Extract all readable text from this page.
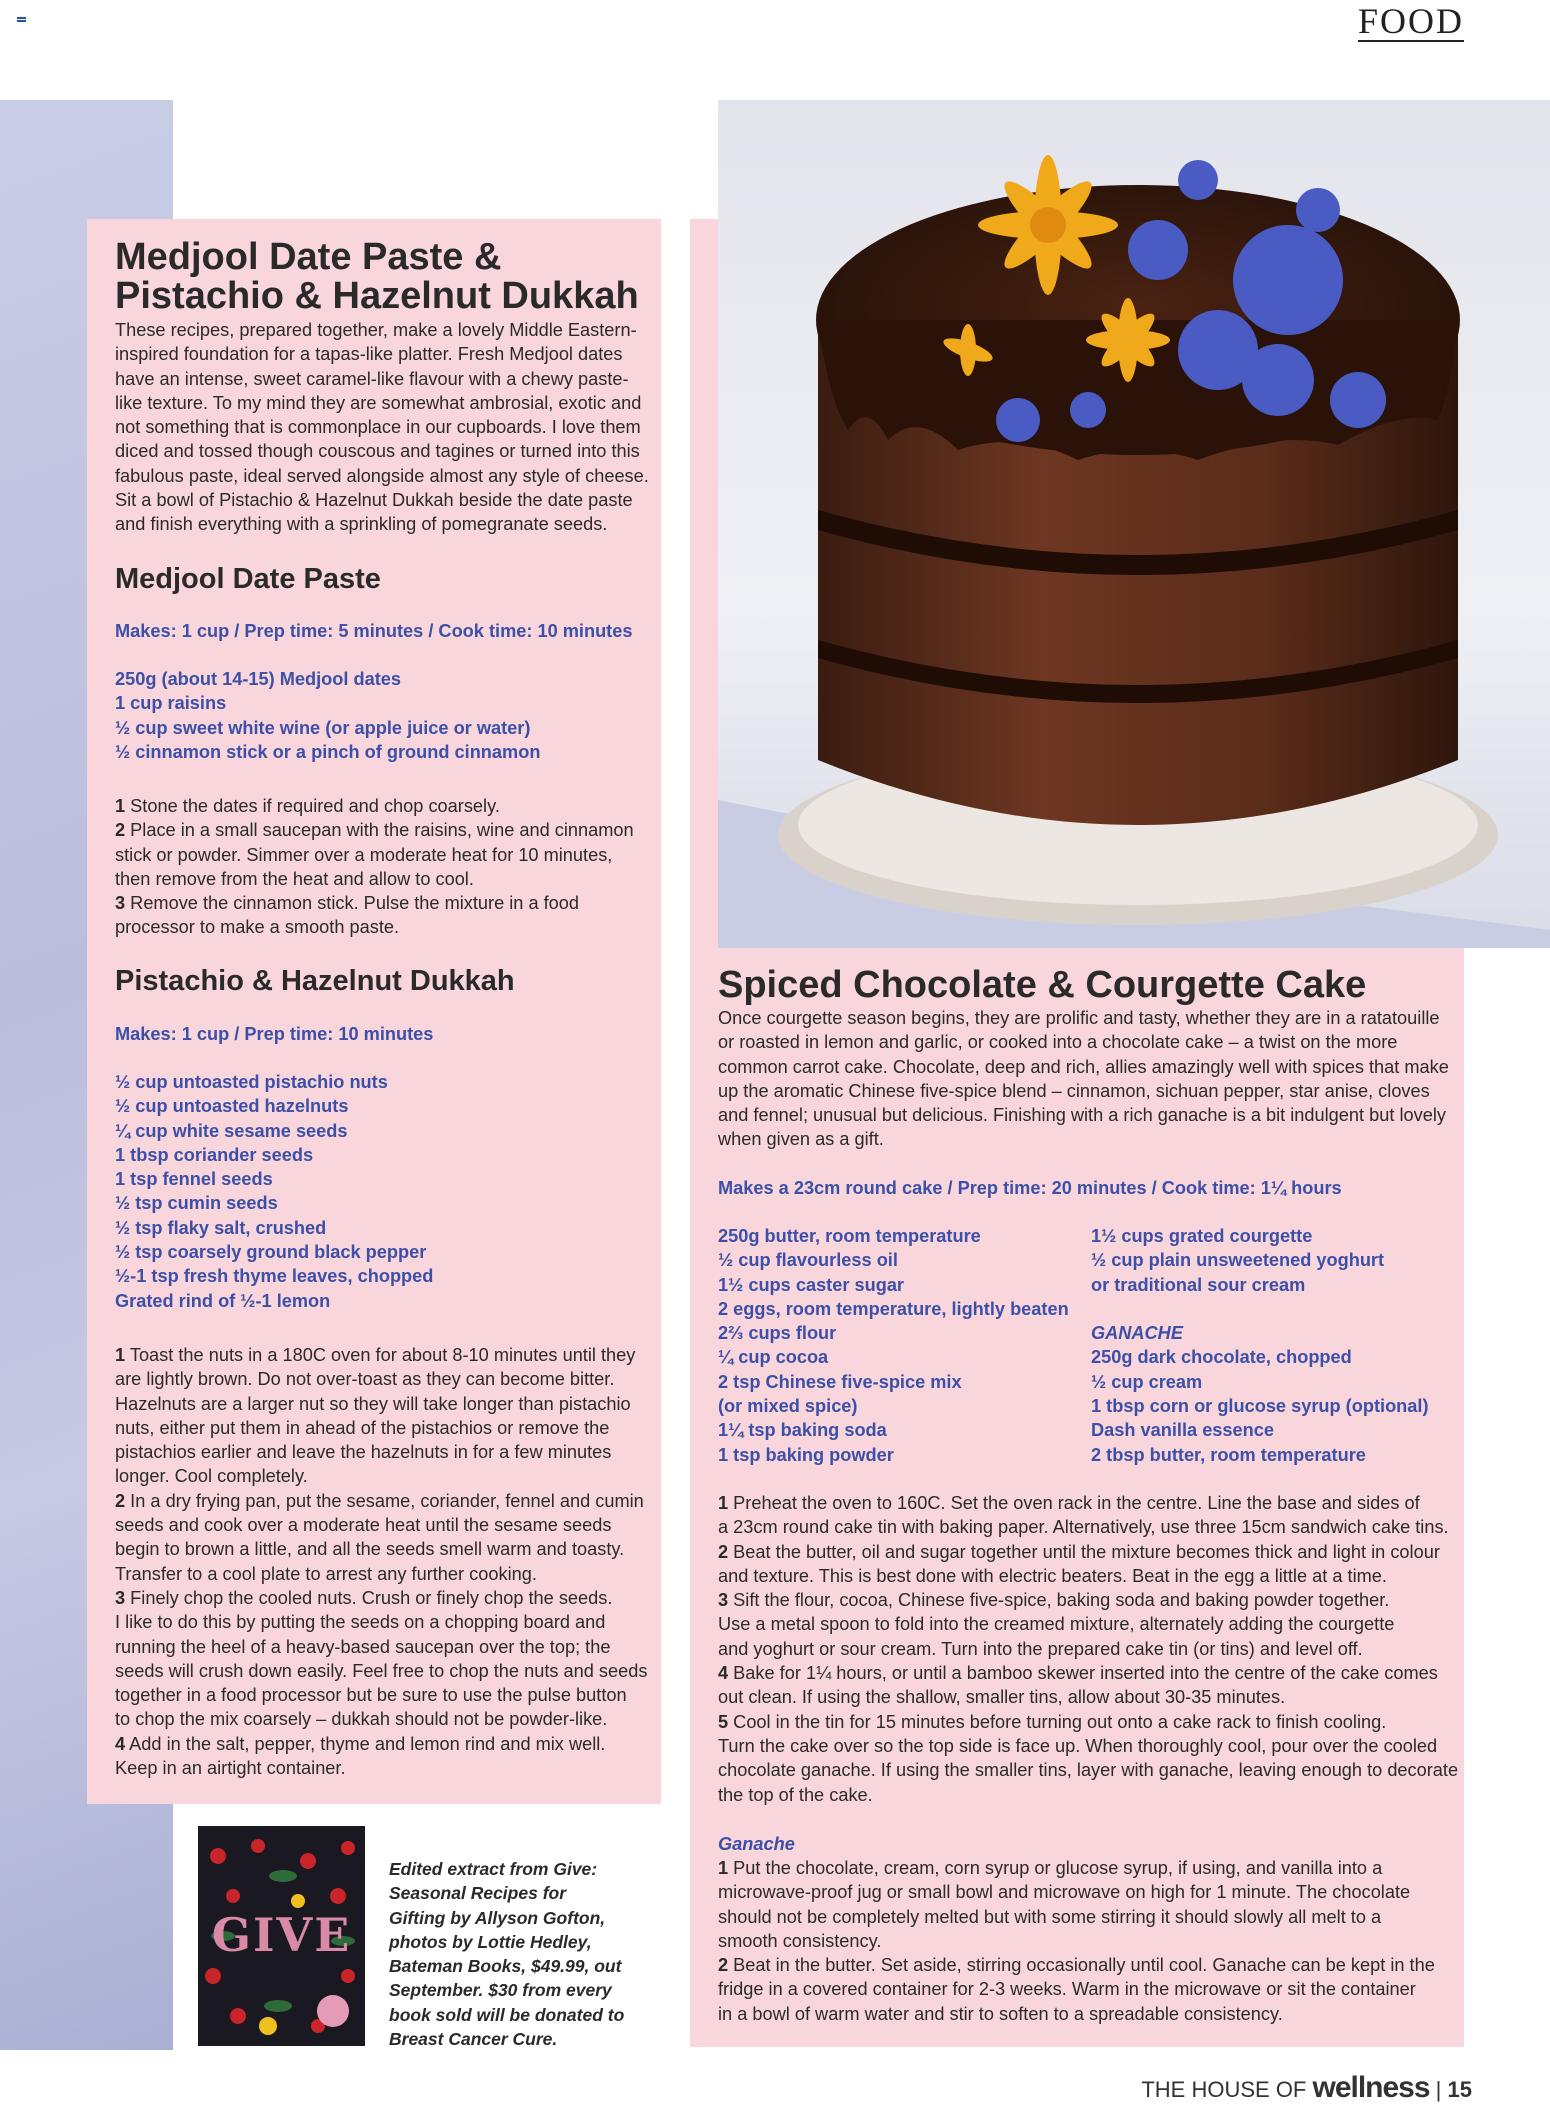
FOOD
Medjool Date Paste &
Pistachio & Hazelnut Dukkah
These recipes, prepared together, make a lovely Middle Eastern-
inspired foundation for a tapas-like platter. Fresh Medjool dates
have an intense, sweet caramel-like flavour with a chewy paste-
like texture. To my mind they are somewhat ambrosial, exotic and
not something that is commonplace in our cupboards. I love them
diced and tossed though couscous and tagines or turned into this
fabulous paste, ideal served alongside almost any style of cheese.
Sit a bowl of Pistachio & Hazelnut Dukkah beside the date paste
and finish everything with a sprinkling of pomegranate seeds.
Medjool Date Paste
Makes: 1 cup / Prep time: 5 minutes / Cook time: 10 minutes
250g (about 14-15) Medjool dates
1 cup raisins
½ cup sweet white wine (or apple juice or water)
½ cinnamon stick or a pinch of ground cinnamon
1 Stone the dates if required and chop coarsely.
2 Place in a small saucepan with the raisins, wine and cinnamon
stick or powder. Simmer over a moderate heat for 10 minutes,
then remove from the heat and allow to cool.
3 Remove the cinnamon stick. Pulse the mixture in a food
processor to make a smooth paste.
Pistachio & Hazelnut Dukkah
Makes: 1 cup / Prep time: 10 minutes
½ cup untoasted pistachio nuts
½ cup untoasted hazelnuts
¼ cup white sesame seeds
1 tbsp coriander seeds
1 tsp fennel seeds
½ tsp cumin seeds
½ tsp flaky salt, crushed
½ tsp coarsely ground black pepper
½-1 tsp fresh thyme leaves, chopped
Grated rind of ½-1 lemon
1 Toast the nuts in a 180C oven for about 8-10 minutes until they
are lightly brown. Do not over-toast as they can become bitter.
Hazelnuts are a larger nut so they will take longer than pistachio
nuts, either put them in ahead of the pistachios or remove the
pistachios earlier and leave the hazelnuts in for a few minutes
longer. Cool completely.
2 In a dry frying pan, put the sesame, coriander, fennel and cumin
seeds and cook over a moderate heat until the sesame seeds
begin to brown a little, and all the seeds smell warm and toasty.
Transfer to a cool plate to arrest any further cooking.
3 Finely chop the cooled nuts. Crush or finely chop the seeds.
I like to do this by putting the seeds on a chopping board and
running the heel of a heavy-based saucepan over the top; the
seeds will crush down easily. Feel free to chop the nuts and seeds
together in a food processor but be sure to use the pulse button
to chop the mix coarsely – dukkah should not be powder-like.
4 Add in the salt, pepper, thyme and lemon rind and mix well.
Keep in an airtight container.
GIVE
Edited extract from Give:
Seasonal Recipes for
Gifting by Allyson Gofton,
photos by Lottie Hedley,
Bateman Books, $49.99, out
September. $30 from every
book sold will be donated to
Breast Cancer Cure.
Spiced Chocolate & Courgette Cake
Once courgette season begins, they are prolific and tasty, whether they are in a ratatouille
or roasted in lemon and garlic, or cooked into a chocolate cake – a twist on the more
common carrot cake. Chocolate, deep and rich, allies amazingly well with spices that make
up the aromatic Chinese five-spice blend – cinnamon, sichuan pepper, star anise, cloves
and fennel; unusual but delicious. Finishing with a rich ganache is a bit indulgent but lovely
when given as a gift.
Makes a 23cm round cake / Prep time: 20 minutes / Cook time: 1¼ hours
250g butter, room temperature
½ cup flavourless oil
1½ cups caster sugar
2 eggs, room temperature, lightly beaten
2⅔ cups flour
¼ cup cocoa
2 tsp Chinese five-spice mix
(or mixed spice)
1¼ tsp baking soda
1 tsp baking powder
1½ cups grated courgette
½ cup plain unsweetened yoghurt
or traditional sour cream
GANACHE
250g dark chocolate, chopped
½ cup cream
1 tbsp corn or glucose syrup (optional)
Dash vanilla essence
2 tbsp butter, room temperature
1 Preheat the oven to 160C. Set the oven rack in the centre. Line the base and sides of
a 23cm round cake tin with baking paper. Alternatively, use three 15cm sandwich cake tins.
2 Beat the butter, oil and sugar together until the mixture becomes thick and light in colour
and texture. This is best done with electric beaters. Beat in the egg a little at a time.
3 Sift the flour, cocoa, Chinese five-spice, baking soda and baking powder together.
Use a metal spoon to fold into the creamed mixture, alternately adding the courgette
and yoghurt or sour cream. Turn into the prepared cake tin (or tins) and level off.
4 Bake for 1¼ hours, or until a bamboo skewer inserted into the centre of the cake comes
out clean. If using the shallow, smaller tins, allow about 30-35 minutes.
5 Cool in the tin for 15 minutes before turning out onto a cake rack to finish cooling.
Turn the cake over so the top side is face up. When thoroughly cool, pour over the cooled
chocolate ganache. If using the smaller tins, layer with ganache, leaving enough to decorate
the top of the cake.
Ganache
1 Put the chocolate, cream, corn syrup or glucose syrup, if using, and vanilla into a
microwave-proof jug or small bowl and microwave on high for 1 minute. The chocolate
should not be completely melted but with some stirring it should slowly all melt to a
smooth consistency.
2 Beat in the butter. Set aside, stirring occasionally until cool. Ganache can be kept in the
fridge in a covered container for 2-3 weeks. Warm in the microwave or sit the container
in a bowl of warm water and stir to soften to a spreadable consistency.
THE HOUSE OF wellness | 15
